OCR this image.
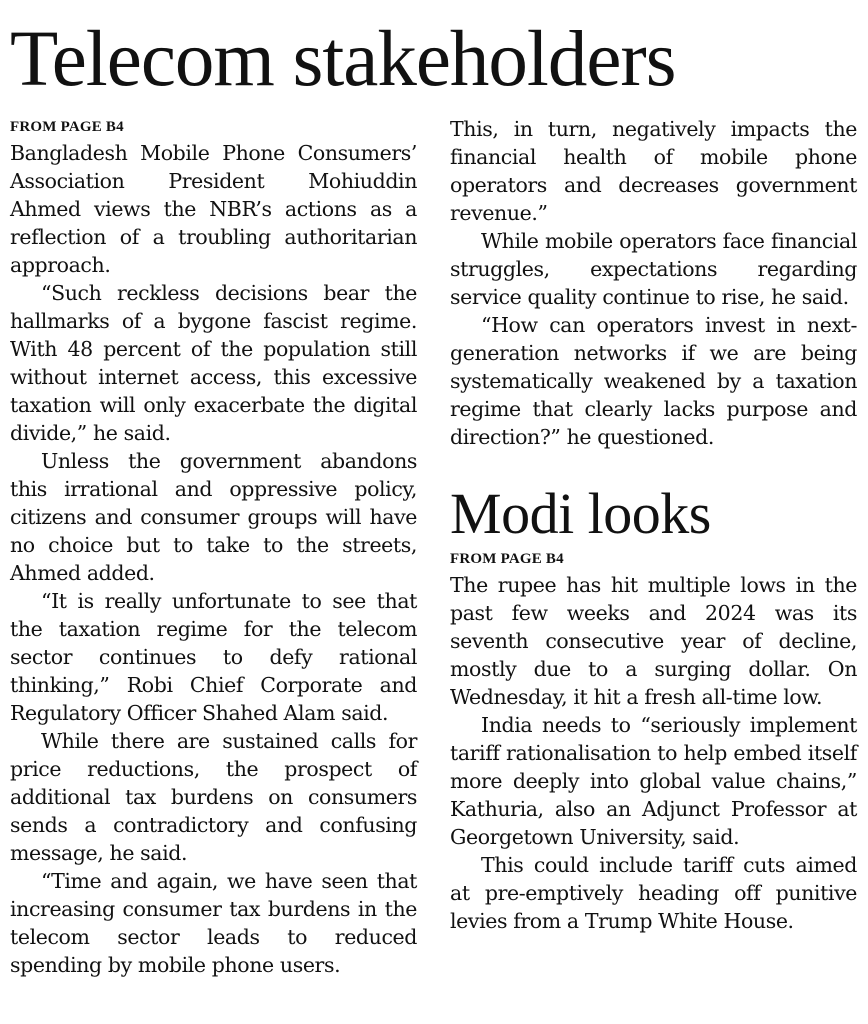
Telecom stakeholders

FROM PAGE B4

Bangladesh Mobile Phone Consumers’ Association President Mohiuddin Ahmed views the NBR’s actions as a reflection of a troubling authoritarian approach.

“Such reckless decisions bear the hallmarks of a bygone fascist regime. With 48 percent of the population still without internet access, this excessive taxation will only exacerbate the digital divide,” he said.

Unless the government abandons this irrational and oppressive policy, citizens and consumer groups will have no choice but to take to the streets, Ahmed added.

“It is really unfortunate to see that the taxation regime for the telecom sector continues to defy rational thinking,” Robi Chief Corporate and Regulatory Officer Shahed Alam said.

While there are sustained calls for price reductions, the prospect of additional tax burdens on consumers sends a contradictory and confusing message, he said.

“Time and again, we have seen that increasing consumer tax burdens in the telecom sector leads to reduced spending by mobile phone users.

This, in turn, negatively impacts the financial health of mobile phone operators and decreases government revenue.”

While mobile operators face financial struggles, expectations regarding service quality continue to rise, he said.

“How can operators invest in next-generation networks if we are being systematically weakened by a taxation regime that clearly lacks purpose and direction?” he questioned.

Modi looks

FROM PAGE B4

The rupee has hit multiple lows in the past few weeks and 2024 was its seventh consecutive year of decline, mostly due to a surging dollar. On Wednesday, it hit a fresh all-time low.

India needs to “seriously implement tariff rationalisation to help embed itself more deeply into global value chains,” Kathuria, also an Adjunct Professor at Georgetown University, said.

This could include tariff cuts aimed at pre-emptively heading off punitive levies from a Trump White House.
